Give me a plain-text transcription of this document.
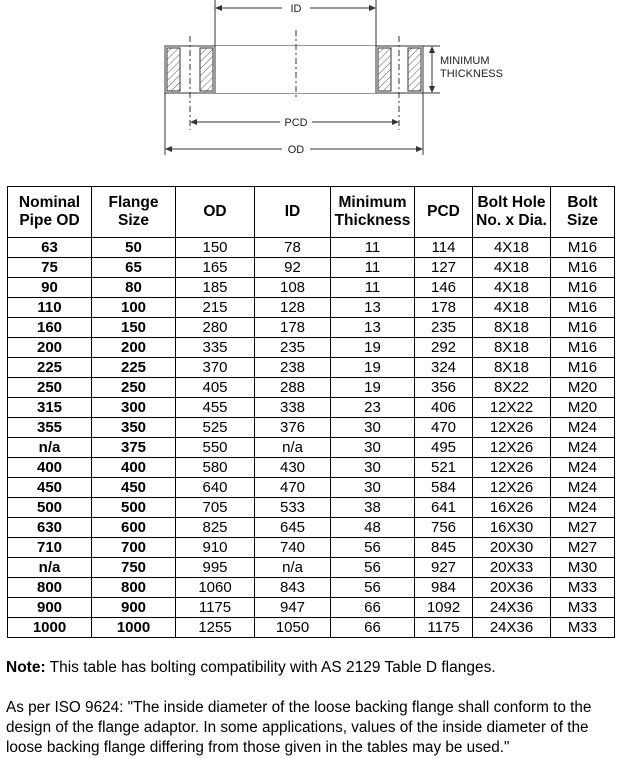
ID
PCD
OD
MINIMUM
THICKNESS
Nominal Pipe OD	Flange Size	OD	ID	Minimum Thickness	PCD	Bolt Hole No. x Dia.	Bolt Size
63	50	150	78	11	114	4X18	M16
75	65	165	92	11	127	4X18	M16
90	80	185	108	11	146	4X18	M16
110	100	215	128	13	178	4X18	M16
160	150	280	178	13	235	8X18	M16
200	200	335	235	19	292	8X18	M16
225	225	370	238	19	324	8X18	M16
250	250	405	288	19	356	8X22	M20
315	300	455	338	23	406	12X22	M20
355	350	525	376	30	470	12X26	M24
n/a	375	550	n/a	30	495	12X26	M24
400	400	580	430	30	521	12X26	M24
450	450	640	470	30	584	12X26	M24
500	500	705	533	38	641	16X26	M24
630	600	825	645	48	756	16X30	M27
710	700	910	740	56	845	20X30	M27
n/a	750	995	n/a	56	927	20X33	M30
800	800	1060	843	56	984	20X36	M33
900	900	1175	947	66	1092	24X36	M33
1000	1000	1255	1050	66	1175	24X36	M33
Note: This table has bolting compatibility with AS 2129 Table D flanges.
As per ISO 9624: "The inside diameter of the loose backing flange shall conform to the design of the flange adaptor. In some applications, values of the inside diameter of the loose backing flange differing from those given in the tables may be used."
